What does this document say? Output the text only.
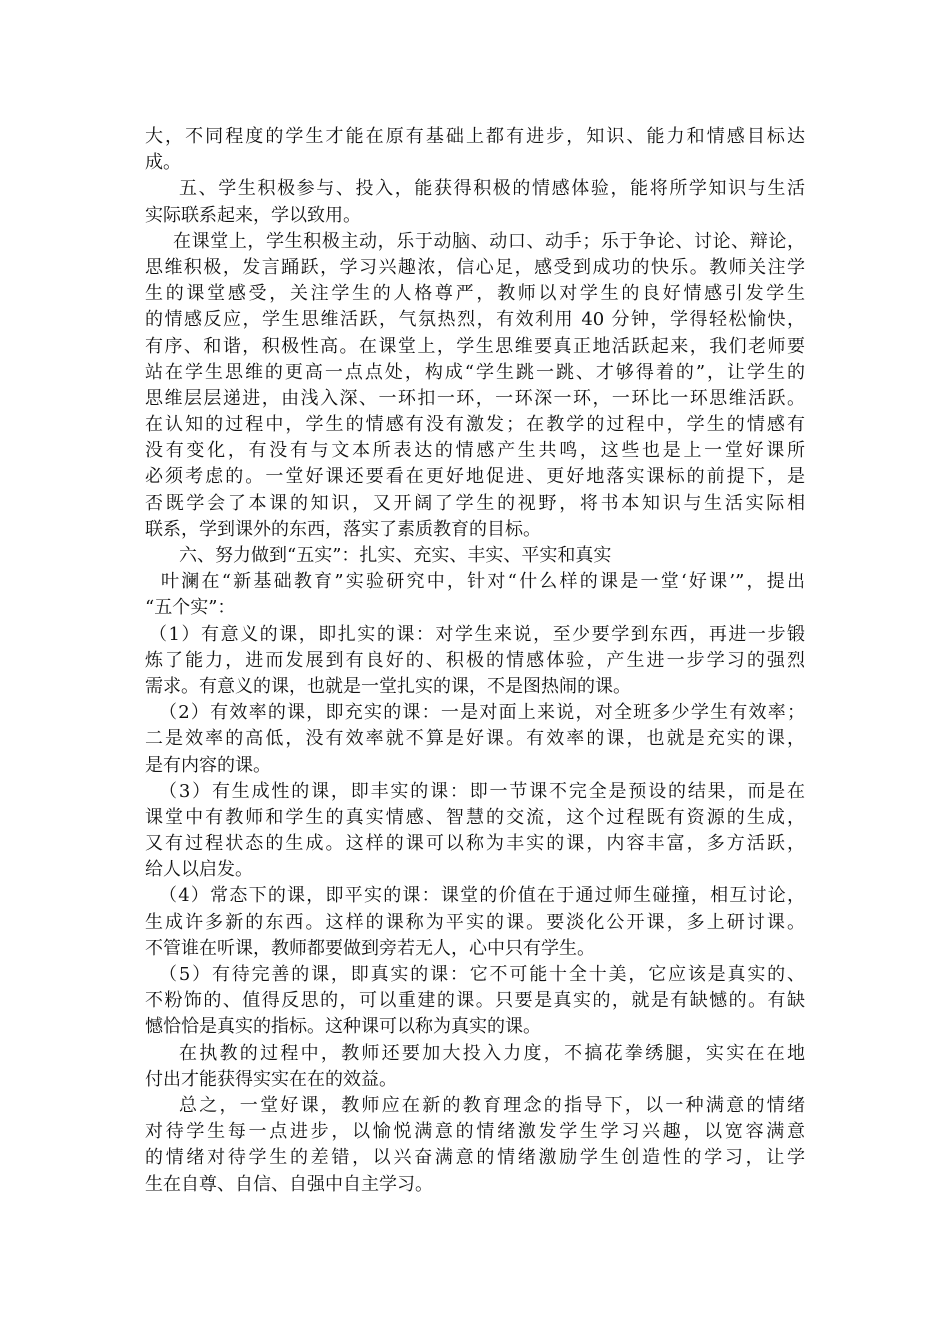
大，不同程度的学生才能在原有基础上都有进步，知识、能力和情感目标达
成。
五、学生积极参与、投入，能获得积极的情感体验，能将所学知识与生活
实际联系起来，学以致用。
在课堂上，学生积极主动，乐于动脑、动口、动手；乐于争论、讨论、辩论，
思维积极，发言踊跃，学习兴趣浓，信心足，感受到成功的快乐。教师关注学
生的课堂感受，关注学生的人格尊严，教师以对学生的良好情感引发学生
的情感反应，学生思维活跃，气氛热烈，有效利用 40 分钟，学得轻松愉快，
有序、和谐，积极性高。在课堂上，学生思维要真正地活跃起来，我们老师要
站在学生思维的更高一点点处，构成“学生跳一跳、才够得着的”，让学生的
思维层层递进，由浅入深、一环扣一环，一环深一环，一环比一环思维活跃。
在认知的过程中，学生的情感有没有激发；在教学的过程中，学生的情感有
没有变化，有没有与文本所表达的情感产生共鸣，这些也是上一堂好课所
必须考虑的。一堂好课还要看在更好地促进、更好地落实课标的前提下，是
否既学会了本课的知识，又开阔了学生的视野，将书本知识与生活实际相
联系，学到课外的东西，落实了素质教育的目标。
六、努力做到“五实”：扎实、充实、丰实、平实和真实
叶澜在“新基础教育”实验研究中，针对“什么样的课是一堂‘好课’”，提出
“五个实”：
（1）有意义的课，即扎实的课：对学生来说，至少要学到东西，再进一步锻
炼了能力，进而发展到有良好的、积极的情感体验，产生进一步学习的强烈
需求。有意义的课，也就是一堂扎实的课，不是图热闹的课。
（2）有效率的课，即充实的课：一是对面上来说，对全班多少学生有效率；
二是效率的高低，没有效率就不算是好课。有效率的课，也就是充实的课，
是有内容的课。
（3）有生成性的课，即丰实的课：即一节课不完全是预设的结果，而是在
课堂中有教师和学生的真实情感、智慧的交流，这个过程既有资源的生成，
又有过程状态的生成。这样的课可以称为丰实的课，内容丰富，多方活跃，
给人以启发。
（4）常态下的课，即平实的课：课堂的价值在于通过师生碰撞，相互讨论，
生成许多新的东西。这样的课称为平实的课。要淡化公开课，多上研讨课。
不管谁在听课，教师都要做到旁若无人，心中只有学生。
（5）有待完善的课，即真实的课：它不可能十全十美，它应该是真实的、
不粉饰的、值得反思的，可以重建的课。只要是真实的，就是有缺憾的。有缺
憾恰恰是真实的指标。这种课可以称为真实的课。
在执教的过程中，教师还要加大投入力度，不搞花拳绣腿，实实在在地
付出才能获得实实在在的效益。
总之，一堂好课，教师应在新的教育理念的指导下，以一种满意的情绪
对待学生每一点进步，以愉悦满意的情绪激发学生学习兴趣，以宽容满意
的情绪对待学生的差错，以兴奋满意的情绪激励学生创造性的学习，让学
生在自尊、自信、自强中自主学习。
